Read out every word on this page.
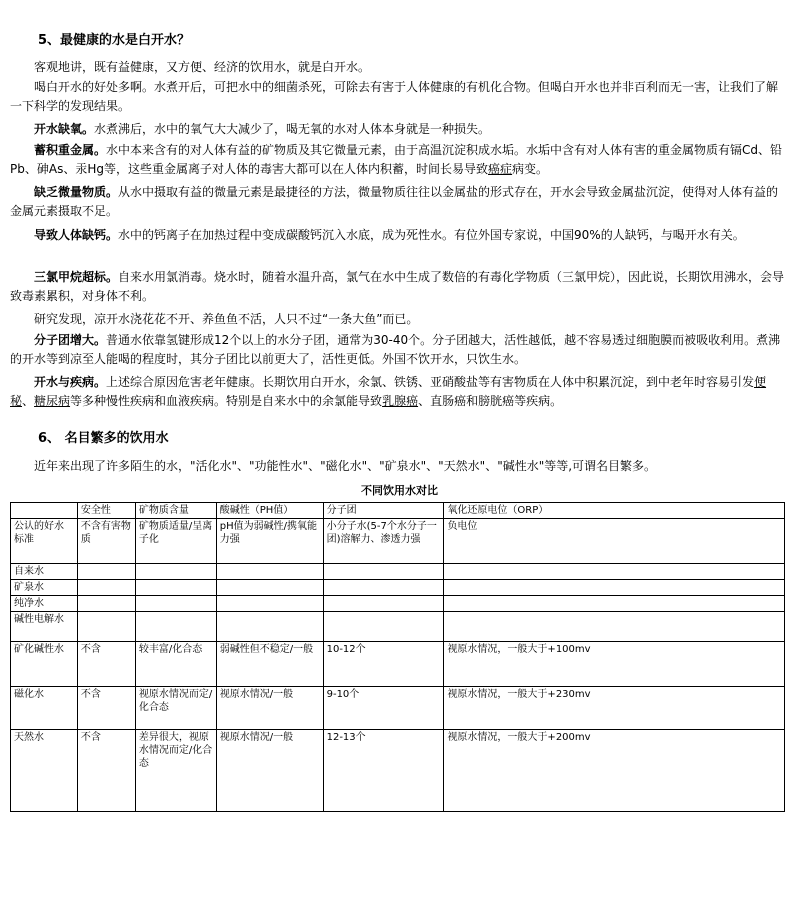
5、最健康的水是白开水？

客观地讲，既有益健康，又方便、经济的饮用水，就是白开水。

喝白开水的好处多啊。水煮开后，可把水中的细菌杀死，可除去有害于人体健康的有机化合物。但喝白开水也并非百利而无一害，让我们了解一下科学的发现结果。

开水缺氧。水煮沸后，水中的氧气大大减少了，喝无氧的水对人体本身就是一种损失。

蓄积重金属。水中本来含有的对人体有益的矿物质及其它微量元素，由于高温沉淀积成水垢。水垢中含有对人体有害的重金属物质有镉Cd、铅Pb、砷As、汞Hg等，这些重金属离子对人体的毒害大都可以在人体内积蓄，时间长易导致癌症病变。

缺乏微量物质。从水中摄取有益的微量元素是最捷径的方法，微量物质往往以金属盐的形式存在，开水会导致金属盐沉淀，使得对人体有益的金属元素摄取不足。

导致人体缺钙。水中的钙离子在加热过程中变成碳酸钙沉入水底，成为死性水。有位外国专家说，中国90%的人缺钙，与喝开水有关。

三氯甲烷超标。自来水用氯消毒。烧水时，随着水温升高，氯气在水中生成了数倍的有毒化学物质（三氯甲烷），因此说，长期饮用沸水，会导致毒素累积，对身体不利。

研究发现，凉开水浇花花不开、养鱼鱼不活，人只不过“一条大鱼”而已。

分子团增大。普通水依靠氢键形成12个以上的水分子团，通常为30-40个。分子团越大，活性越低，越不容易透过细胞膜而被吸收利用。煮沸的开水等到凉至人能喝的程度时，其分子团比以前更大了，活性更低。外国不饮开水，只饮生水。

开水与疾病。上述综合原因危害老年健康。长期饮用白开水，氽氯、铁锈、亚硝酸盐等有害物质在人体中积累沉淀，到中老年时容易引发便秘、糖尿病等多种慢性疾病和血液疾病。特别是自来水中的余氯能导致乳腺癌、直肠癌和膀胱癌等疾病。

6、 名目繁多的饮用水

近年来出现了许多陌生的水，"活化水"、"功能性水"、"磁化水"、"矿泉水"、"天然水"、"碱性水"等等,可谓名目繁多。

不同饮用水对比
	安全性	矿物质含量	酸碱性（PH值）	分子团	氧化还原电位（ORP）
公认的好水标准	不含有害物质	矿物质适量/呈离子化	pH值为弱碱性/携氧能力强	小分子水(5-7个水分子一团)溶解力、渗透力强	负电位
自来水					
矿泉水					
纯净水					
碱性电解水					
矿化碱性水	不含	较丰富/化合态	弱碱性但不稳定/一般	10-12个	视原水情况，一般大于+100mv
磁化水	不含	视原水情况而定/化合态	视原水情况/一般	9-10个	视原水情况，一般大于+230mv
天然水	不含	差异很大，视原水情况而定/化合态	视原水情况/一般	12-13个	视原水情况，一般大于+200mv
